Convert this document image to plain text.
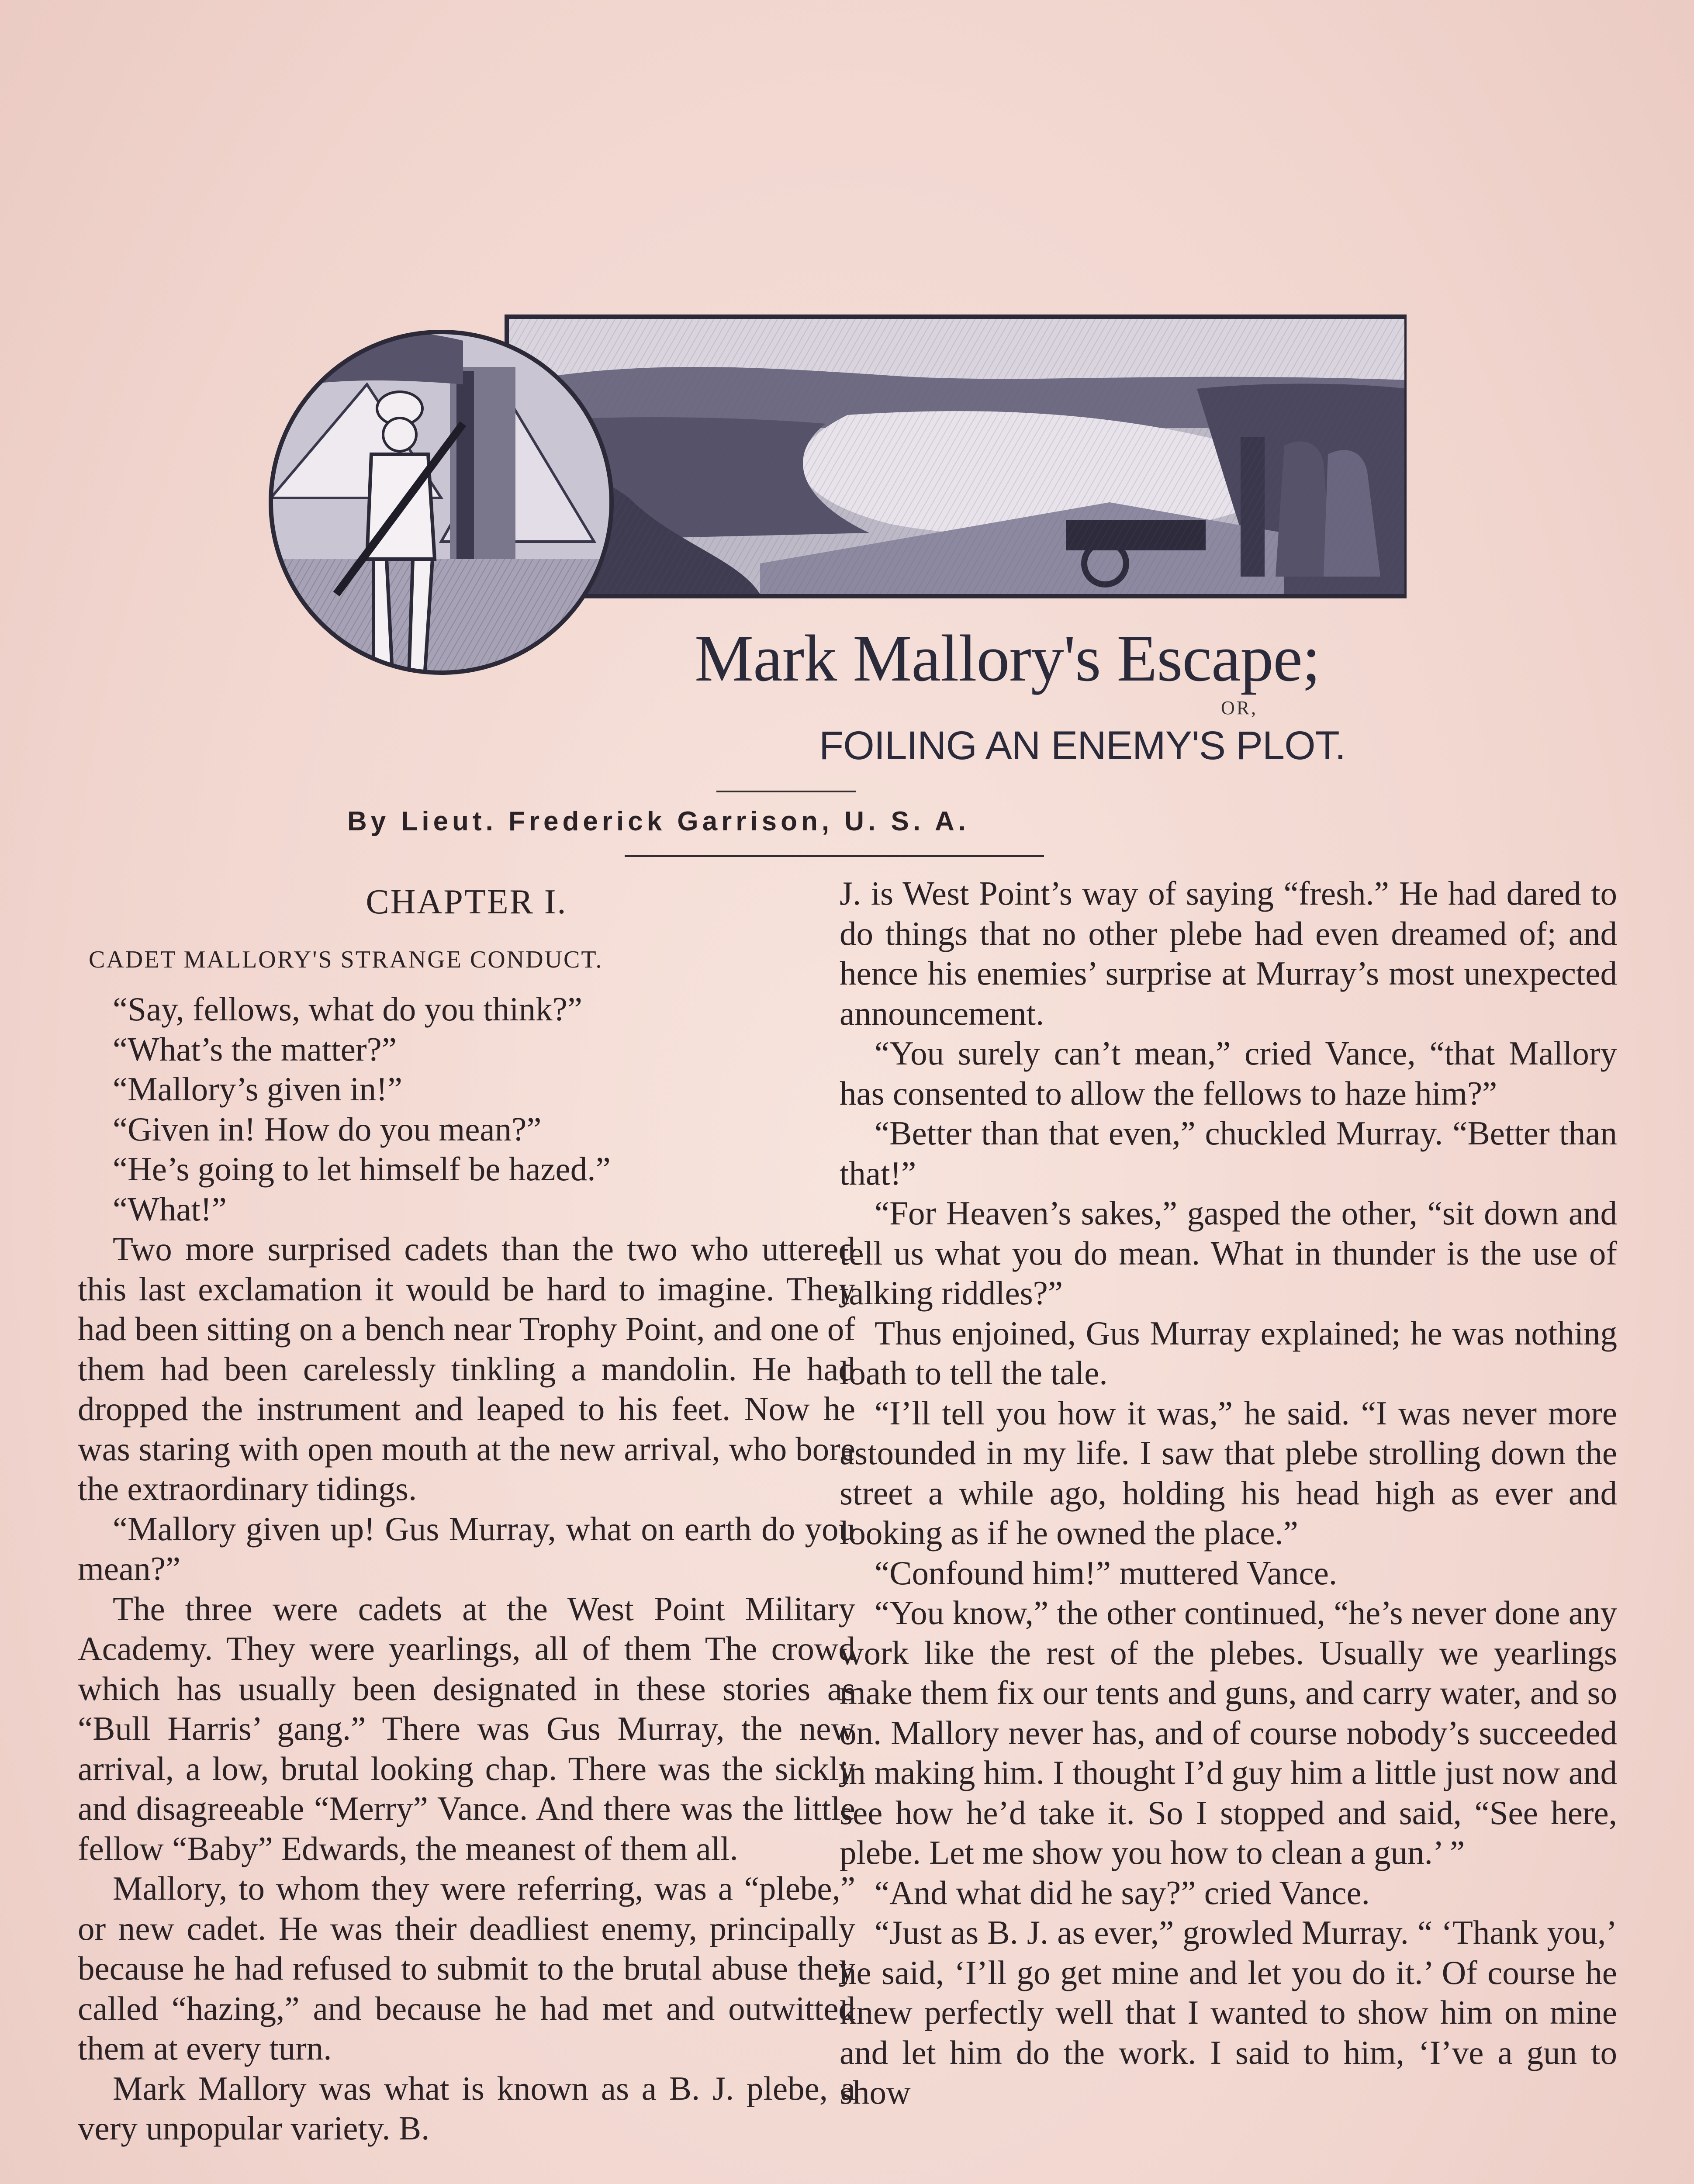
Mark Mallory's Escape;
OR,
FOILING AN ENEMY'S PLOT.
By Lieut. Frederick Garrison, U. S. A.
CHAPTER I.
CADET MALLORY'S STRANGE CONDUCT.

“Say, fellows, what do you think?”

“What’s the matter?”

“Mallory’s given in!”

“Given in! How do you mean?”

“He’s going to let himself be hazed.”

“What!”

Two more surprised cadets than the two who uttered this last exclamation it would be hard to imagine. They had been sitting on a bench near Trophy Point, and one of them had been carelessly tinkling a mandolin. He had dropped the instrument and leaped to his feet. Now he was staring with open mouth at the new arrival, who bore the extraordinary tidings.

“Mallory given up! Gus Murray, what on earth do you mean?”

The three were cadets at the West Point Military Academy. They were yearlings, all of them The crowd which has usually been designated in these stories as “Bull Harris’ gang.” There was Gus Murray, the new arrival, a low, brutal looking chap. There was the sickly and disagreeable “Merry” Vance. And there was the little fellow “Baby” Edwards, the meanest of them all.

Mallory, to whom they were referring, was a “plebe,” or new cadet. He was their deadliest enemy, principally because he had refused to submit to the brutal abuse they called “hazing,” and because he had met and outwitted them at every turn.

Mark Mallory was what is known as a B. J. plebe, a very unpopular variety. B.

J. is West Point’s way of saying “fresh.” He had dared to do things that no other plebe had even dreamed of; and hence his enemies’ surprise at Murray’s most unexpected announcement.

“You surely can’t mean,” cried Vance, “that Mallory has consented to allow the fellows to haze him?”

“Better than that even,” chuckled Murray. “Better than that!”

“For Heaven’s sakes,” gasped the other, “sit down and tell us what you do mean. What in thunder is the use of talking riddles?”

Thus enjoined, Gus Murray explained; he was nothing loath to tell the tale.

“I’ll tell you how it was,” he said. “I was never more astounded in my life. I saw that plebe strolling down the street a while ago, holding his head high as ever and looking as if he owned the place.”

“Confound him!” muttered Vance.

“You know,” the other continued, “he’s never done any work like the rest of the plebes. Usually we yearlings make them fix our tents and guns, and carry water, and so on. Mallory never has, and of course nobody’s succeeded in making him. I thought I’d guy him a little just now and see how he’d take it. So I stopped and said, “See here, plebe. Let me show you how to clean a gun.’ ”

“And what did he say?” cried Vance.

“Just as B. J. as ever,” growled Murray. “ ‘Thank you,’ he said, ‘I’ll go get mine and let you do it.’ Of course he knew perfectly well that I wanted to show him on mine and let him do the work. I said to him, ‘I’ve a gun to show
